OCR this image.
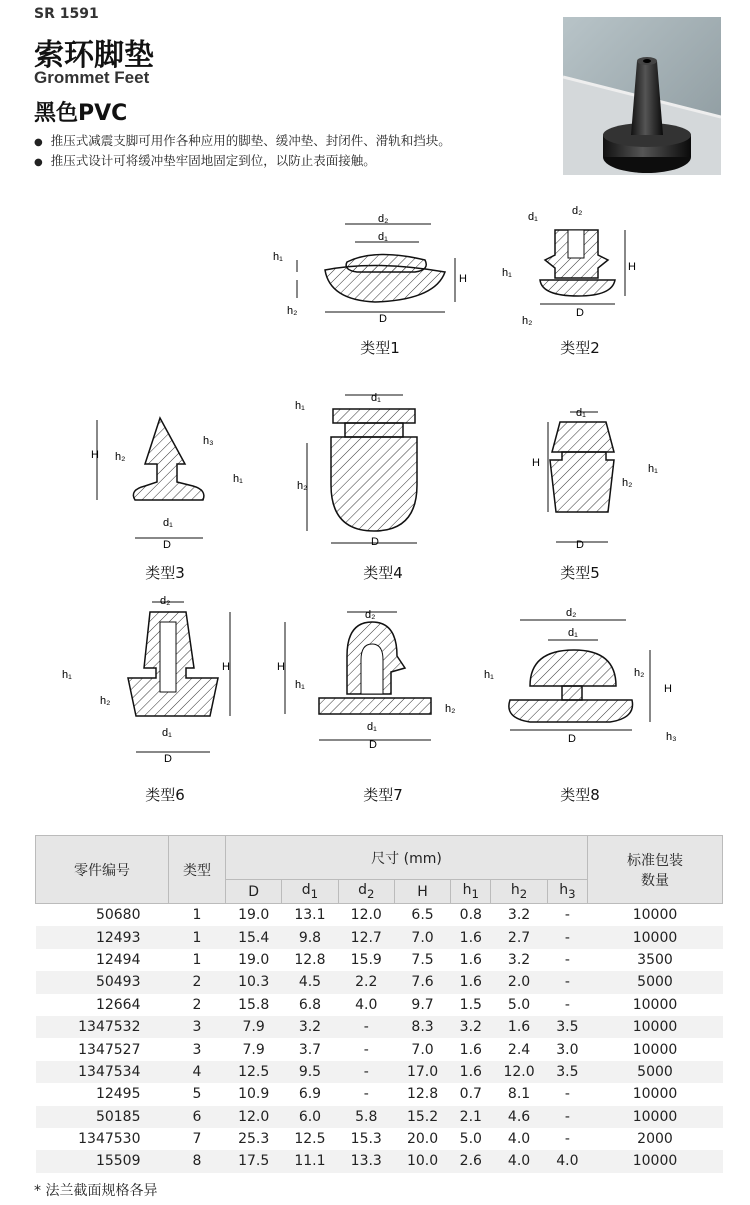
SR 1591
索环脚垫
Grommet Feet
黑色PVC
● 推压式减震支脚可用作各种应用的脚垫、缓冲垫、封闭件、滑轨和挡块。
● 推压式设计可将缓冲垫牢固地固定到位，以防止表面接触。
d₂
d₁
D
H
h₁
h₂
类型1
d₂
d₁
D
H
h₁
h₂
类型2
H h₂
h₃
h₁
d₁
D
类型3
d₁
h₁
h₂
D
类型4
d₁
H	h₁
h₂
D
类型5
d₂
H
h₁
h₂
d₁
D
类型6
d₂
H
h₁
h₂
d₁
D
类型7
d₂
d₁
h₁	h₂
H
h₃
D
类型8
零件编号	类型	尺寸 (mm)							标准包装
数量
		D	$d_1$	$d_2$	H	$h_1$	$h_2$	$h_3$
50680	1	19.0	13.1	12.0	6.5	0.8	3.2	-	10000
12493	1	15.4	9.8	12.7	7.0	1.6	2.7	-	10000
12494	1	19.0	12.8	15.9	7.5	1.6	3.2	-	3500
50493	2	10.3	4.5	2.2	7.6	1.6	2.0	-	5000
12664	2	15.8	6.8	4.0	9.7	1.5	5.0	-	10000
1347532	3	7.9	3.2	-	8.3	3.2	1.6	3.5	10000
1347527	3	7.9	3.7	-	7.0	1.6	2.4	3.0	10000
1347534	4	12.5	9.5	-	17.0	1.6	12.0	3.5	5000
12495	5	10.9	6.9	-	12.8	0.7	8.1	-	10000
50185	6	12.0	6.0	5.8	15.2	2.1	4.6	-	10000
1347530	7	25.3	12.5	15.3	20.0	5.0	4.0	-	2000
15509	8	17.5	11.1	13.3	10.0	2.6	4.0	4.0	10000
* 法兰截面规格各异
